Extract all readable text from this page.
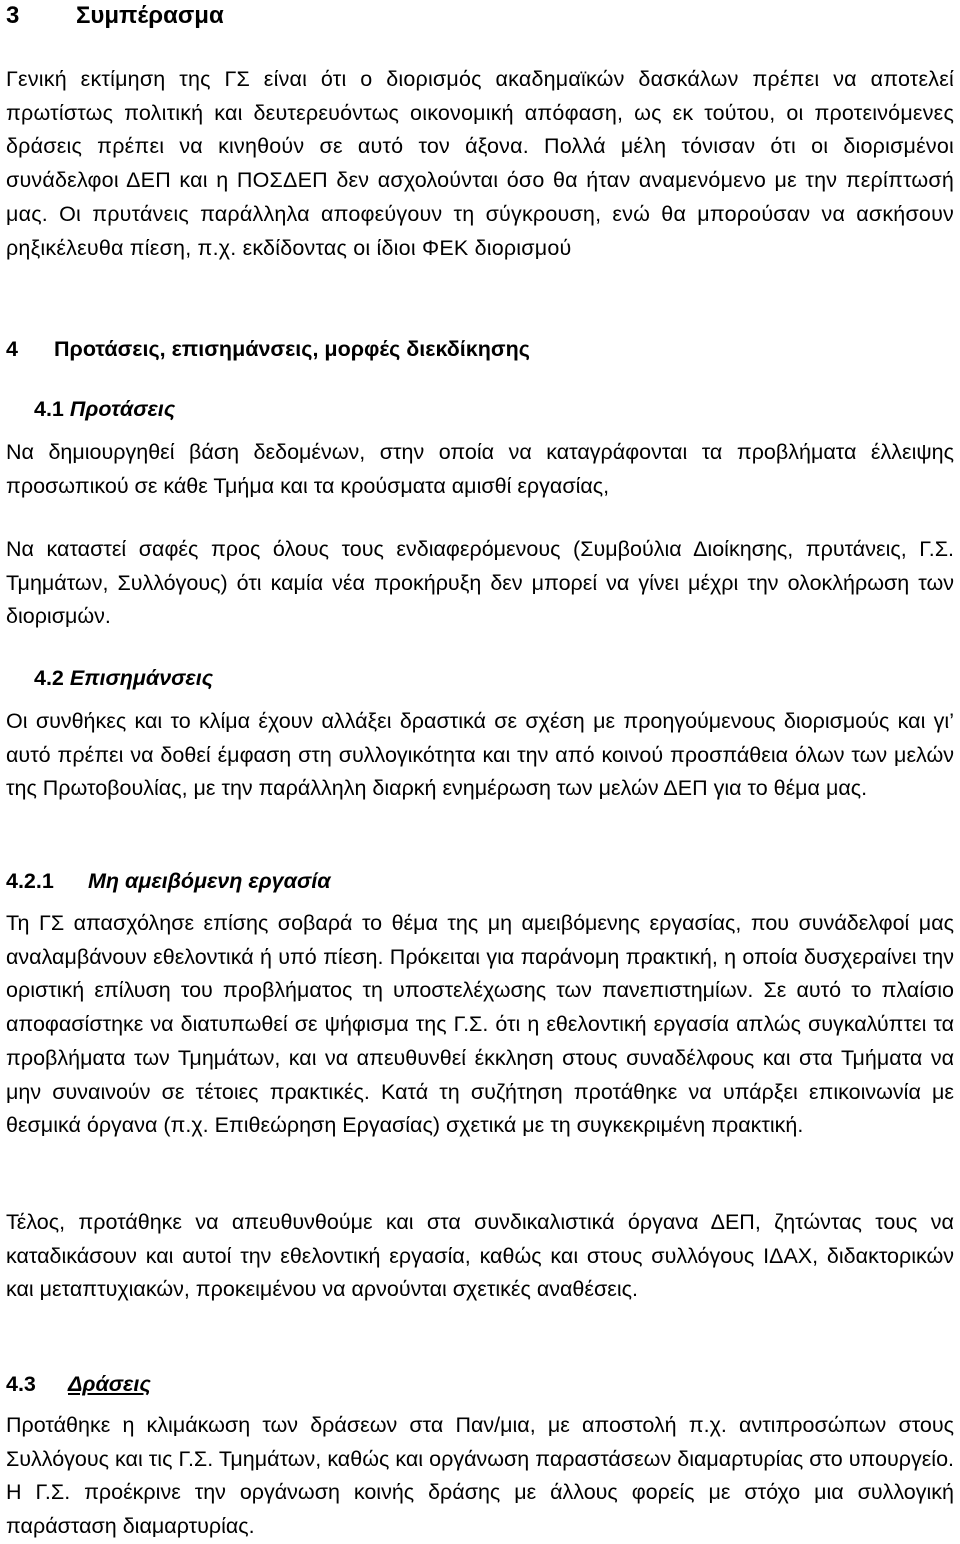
3 Συμπέρασμα

Γενική εκτίμηση της ΓΣ είναι ότι ο διορισμός ακαδημαϊκών δασκάλων πρέπει να αποτελεί πρωτίστως πολιτική και δευτερευόντως οικονομική απόφαση, ως εκ τούτου, οι προτεινόμενες δράσεις πρέπει να κινηθούν σε αυτό τον άξονα. Πολλά μέλη τόνισαν ότι οι διορισμένοι συνάδελφοι ΔΕΠ και η ΠΟΣΔΕΠ δεν ασχολούνται όσο θα ήταν αναμενόμενο με την περίπτωσή μας. Οι πρυτάνεις παράλληλα αποφεύγουν τη σύγκρουση, ενώ θα μπορούσαν να ασκήσουν ρηξικέλευθα πίεση, π.χ. εκδίδοντας οι ίδιοι ΦΕΚ διορισμού

4 Προτάσεις, επισημάνσεις, μορφές διεκδίκησης
4.1 Προτάσεις

Να δημιουργηθεί βάση δεδομένων, στην οποία να καταγράφονται τα προβλήματα έλλειψης προσωπικού σε κάθε Τμήμα και τα κρούσματα αμισθί εργασίας,

Να καταστεί σαφές προς όλους τους ενδιαφερόμενους (Συμβούλια Διοίκησης, πρυτάνεις, Γ.Σ. Τμημάτων, Συλλόγους) ότι καμία νέα προκήρυξη δεν μπορεί να γίνει μέχρι την ολοκλήρωση των διορισμών.

4.2 Επισημάνσεις

Οι συνθήκες και το κλίμα έχουν αλλάξει δραστικά σε σχέση με προηγούμενους διορισμούς και γι’ αυτό πρέπει να δοθεί έμφαση στη συλλογικότητα και την από κοινού προσπάθεια όλων των μελών της Πρωτοβουλίας, με την παράλληλη διαρκή ενημέρωση των μελών ΔΕΠ για το θέμα μας.

4.2.1 Μη αμειβόμενη εργασία

Τη ΓΣ απασχόλησε επίσης σοβαρά το θέμα της μη αμειβόμενης εργασίας, που συνάδελφοί μας αναλαμβάνουν εθελοντικά ή υπό πίεση. Πρόκειται για παράνομη πρακτική, η οποία δυσχεραίνει την οριστική επίλυση του προβλήματος τη υποστελέχωσης των πανεπιστημίων. Σε αυτό το πλαίσιο αποφασίστηκε να διατυπωθεί σε ψήφισμα της Γ.Σ. ότι η εθελοντική εργασία απλώς συγκαλύπτει τα προβλήματα των Τμημάτων, και να απευθυνθεί έκκληση στους συναδέλφους και στα Τμήματα να μην συναινούν σε τέτοιες πρακτικές. Κατά τη συζήτηση προτάθηκε να υπάρξει επικοινωνία με θεσμικά όργανα (π.χ. Επιθεώρηση Εργασίας) σχετικά με τη συγκεκριμένη πρακτική.

Τέλος, προτάθηκε να απευθυνθούμε και στα συνδικαλιστικά όργανα ΔΕΠ, ζητώντας τους να καταδικάσουν και αυτοί την εθελοντική εργασία, καθώς και στους συλλόγους ΙΔΑΧ, διδακτορικών και μεταπτυχιακών, προκειμένου να αρνούνται σχετικές αναθέσεις.

4.3 Δράσεις

Προτάθηκε η κλιμάκωση των δράσεων στα Παν/μια, με αποστολή π.χ. αντιπροσώπων στους Συλλόγους και τις Γ.Σ. Τμημάτων, καθώς και οργάνωση παραστάσεων διαμαρτυρίας στο υπουργείο. Η Γ.Σ. προέκρινε την οργάνωση κοινής δράσης με άλλους φορείς με στόχο μια συλλογική παράσταση διαμαρτυρίας.
